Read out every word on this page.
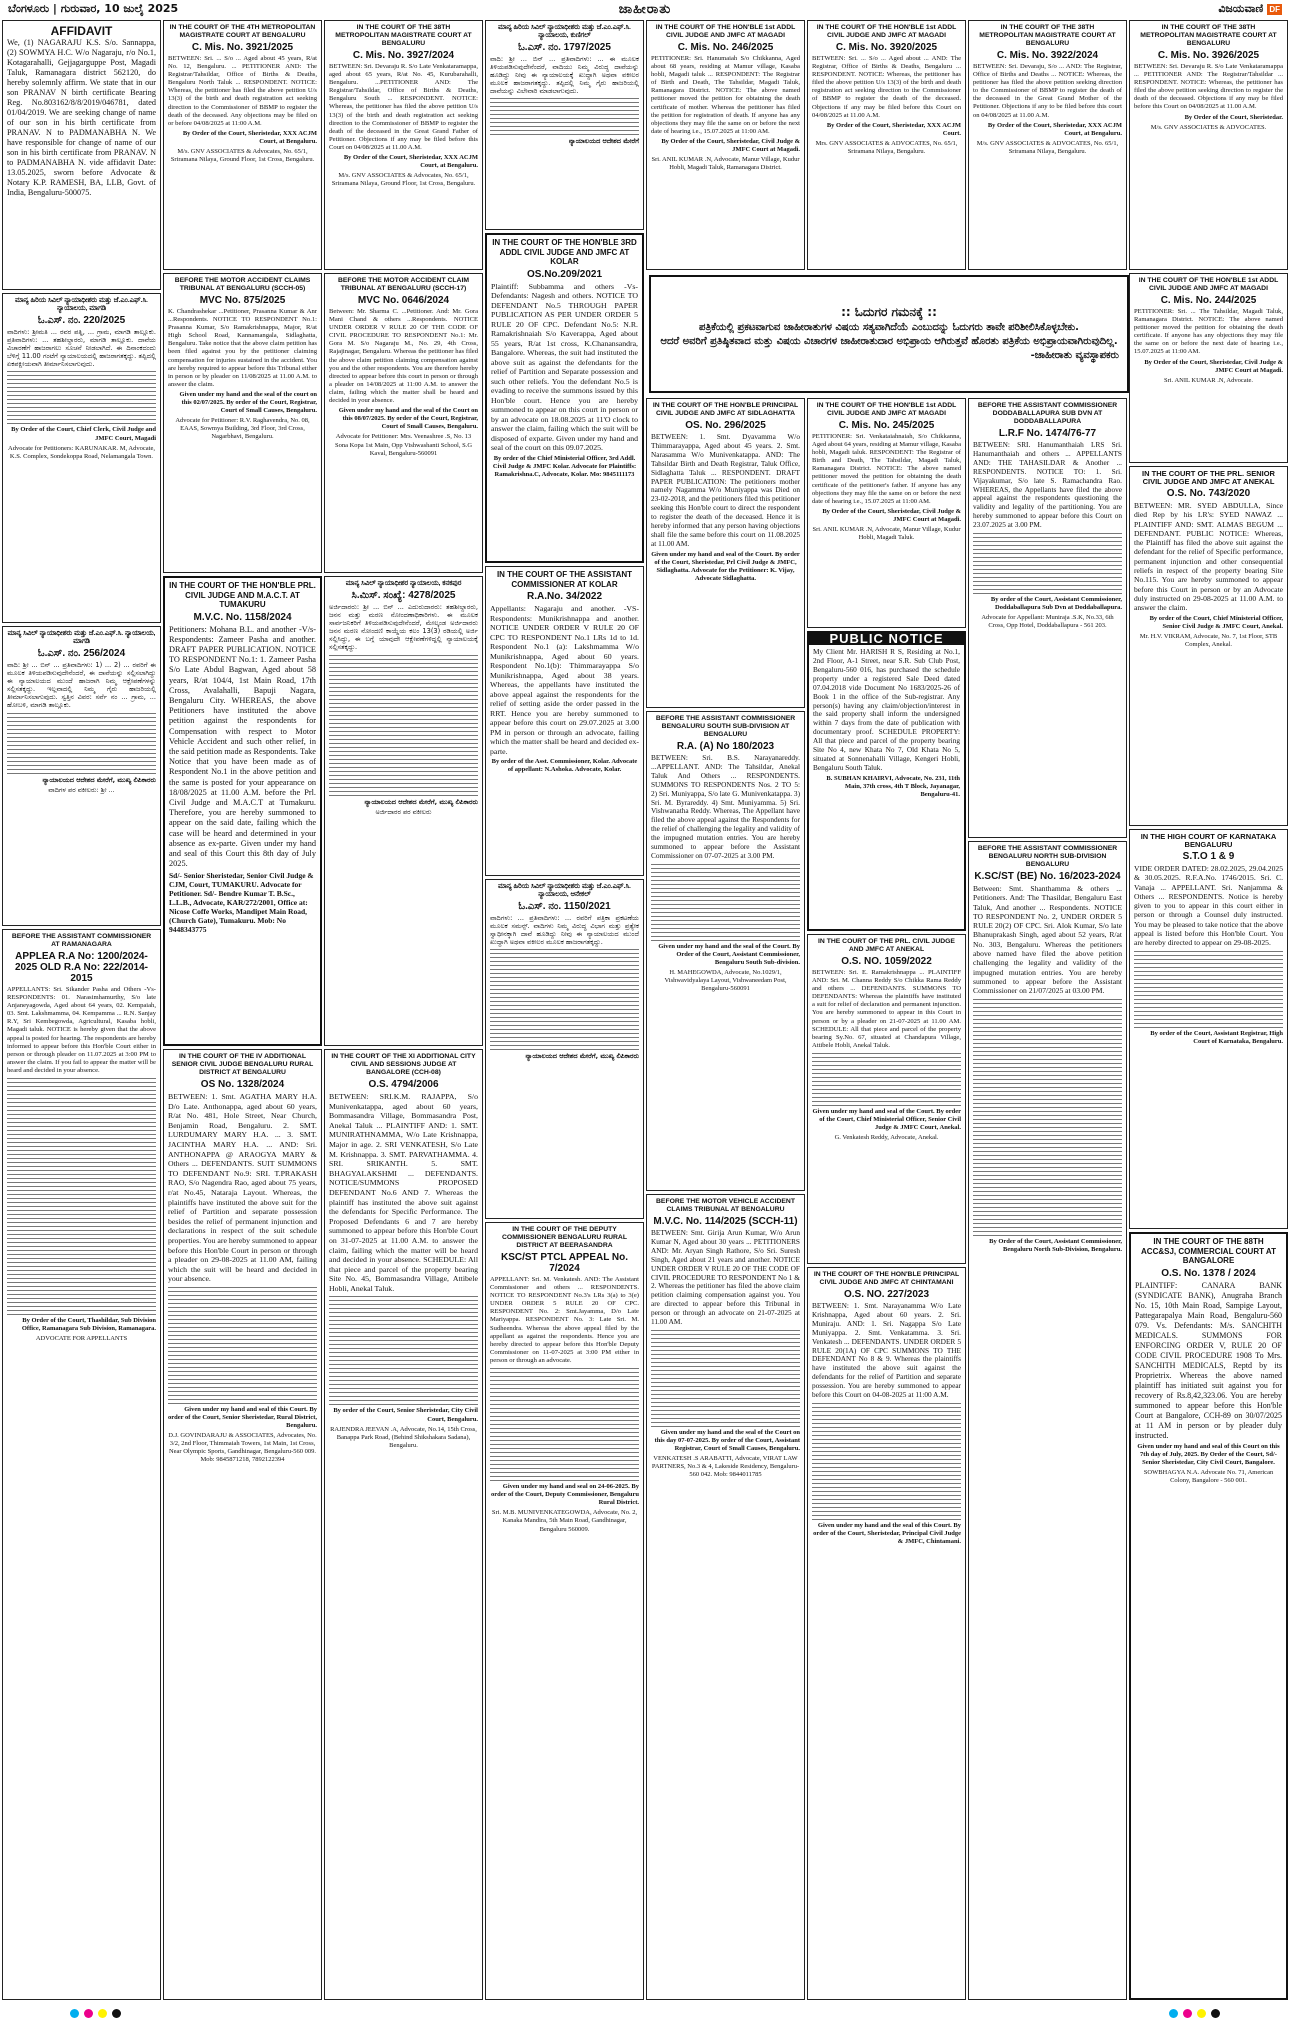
ಬೆಂಗಳೂರು | ಗುರುವಾರ, 10 ಜುಲೈ 2025	ಜಾಹೀರಾತು	ವಿಜಯವಾಣಿ DF
AFFIDAVIT
We, (1) NAGARAJU K.S. S/o. Sannappa, (2) SOWMYA H.C. W/o Nagaraju, r/o No.1, Kotagarahalli, Gejjagarguppe Post, Magadi Taluk, Ramanagara district 562120, do hereby solemnly affirm. We state that in our son PRANAV N birth certificate Bearing Reg. No.803162/8/8/2019/046781, dated 01/04/2019. We are seeking change of name of our son in his birth certificate from PRANAV. N to PADMANABHA N. We have responsible for change of name of our son in his birth certificate from PRANAV. N to PADMANABHA N. vide affidavit Date: 13.05.2025, sworn before Advocate & Notary K.P. RAMESH, BA, LLB, Govt. of India, Bengaluru-500075.
ಮಾನ್ಯ ಹಿರಿಯ ಸಿವಿಲ್ ನ್ಯಾಯಾಧೀಶರು ಮತ್ತು ಜೆ.ಎಂ.ಎಫ್.ಸಿ. ನ್ಯಾಯಾಲಯ, ಮಾಗಡಿ
ಓ.ಎಸ್. ನಂ. 220/2025
ವಾದಿಗಳು: ಶ್ರೀಮತಿ ... ರವರ ಪತ್ನಿ, ... ಗ್ರಾಮ, ಮಾಗಡಿ ತಾಲ್ಲೂಕು. ಪ್ರತಿವಾದಿಗಳು: ... ತಹಶೀಲ್ದಾರರು, ಮಾಗಡಿ ತಾಲ್ಲೂಕು. ದಾವೆಯ ವಿಚಾರಣೆಗೆ ಹಾಜರಾಗಲು ಸೂಚನೆ ನೀಡಲಾಗಿದೆ. ಈ ದಿನಾಂಕದಂದು ಬೆಳಿಗ್ಗೆ 11.00 ಗಂಟೆಗೆ ನ್ಯಾಯಾಲಯದಲ್ಲಿ ಹಾಜರಾಗತಕ್ಕದ್ದು. ತಪ್ಪಿದಲ್ಲಿ ಏಕಪಕ್ಷೀಯವಾಗಿ ತೀರ್ಮಾನಿಸಲಾಗುವುದು.
By Order of the Court, Chief Clerk, Civil Judge and JMFC Court, Magadi
Advocate for Petitioners: KARUNAKAR. M, Advocate, K.S. Complex, Sondekoppa Road, Nelamangala Town.
ಮಾನ್ಯ ಸಿವಿಲ್ ನ್ಯಾಯಾಧೀಶರು ಮತ್ತು ಜೆ.ಎಂ.ಎಫ್.ಸಿ. ನ್ಯಾಯಾಲಯ, ಮಾಗಡಿ
ಓ.ಎಸ್. ನಂ. 256/2024
ವಾದಿ: ಶ್ರೀ ... ಬಿನ್ ... ಪ್ರತಿವಾದಿಗಳು: 1) ... 2) ... ರವರಿಗೆ ಈ ಮೂಲಕ ತಿಳಿಯಪಡಿಸುವುದೇನೆಂದರೆ, ಈ ದಾವೆಯನ್ನು ಸಲ್ಲಿಸಲಾಗಿದ್ದು ಈ ನ್ಯಾಯಾಲಯದ ಮುಂದೆ ಹಾಜರಾಗಿ ನಿಮ್ಮ ಆಕ್ಷೇಪಣೆಗಳನ್ನು ಸಲ್ಲಿಸತಕ್ಕದ್ದು. ಇಲ್ಲವಾದಲ್ಲಿ ನಿಮ್ಮ ಗೈರು ಹಾಜರಿಯಲ್ಲಿ ತೀರ್ಮಾನಿಸಲಾಗುವುದು. ಸ್ವತ್ತಿನ ವಿವರ: ಸರ್ವೆ ನಂ ... ಗ್ರಾಮ, ... ಹೋಬಳಿ, ಮಾಗಡಿ ತಾಲ್ಲೂಕು.
ನ್ಯಾಯಾಲಯದ ಆದೇಶದ ಮೇರೆಗೆ, ಮುಖ್ಯ ಲಿಪಿಕಾರರು
ವಾದಿಗಳ ಪರ ವಕೀಲರು: ಶ್ರೀ ...
BEFORE THE ASSISTANT COMMISSIONER AT RAMANAGARA
APPLEA R.A No: 1200/2024-2025 OLD R.A No: 222/2014-2015
APPELLANTS: Sri. Sikander Pasha and Others -Vs- RESPONDENTS: 01. Narasimhamurthy, S/o late Anjaneyagowda, Aged about 64 years, 02. Kempaiah, 03. Smt. Lakshmamma, 04. Kempamma ... R.N. Sanjay R.Y, Sri Kembegowda, Agricultural, Kasaba hobli, Magadi taluk. NOTICE is hereby given that the above appeal is posted for hearing. The respondents are hereby informed to appear before this Hon'ble Court either in person or through pleader on 11.07.2025 at 3:00 PM to answer the claim. If you fail to appear the matter will be heard and decided in your absence.
By Order of the Court, Thashildar, Sub Division Office, Ramanagara Sub Division, Ramanagara.
ADVOCATE FOR APPELLANTS
IN THE COURT OF THE 4TH METROPOLITAN MAGISTRATE COURT AT BENGALURU
C. Mis. No. 3921/2025
BETWEEN: Sri. ... S/o ... Aged about 45 years, R/at No. 12, Bengaluru. ... PETITIONER AND: The Registrar/Tahsildar, Office of Births & Deaths, Bengaluru North Taluk ... RESPONDENT. NOTICE: Whereas, the petitioner has filed the above petition U/s 13(3) of the birth and death registration act seeking direction to the Commissioner of BBMP to register the death of the deceased. Any objections may be filed on or before 04/08/2025 at 11:00 A.M.
By Order of the Court, Sheristedar, XXX ACJM Court, at Bengaluru.
M/s. GNV ASSOCIATES & Advocates, No. 65/1, Sriramana Nilaya, Ground Floor, 1st Cross, Bengaluru.
BEFORE THE MOTOR ACCIDENT CLAIMS TRIBUNAL AT BENGALURU (SCCH-05)
MVC No. 875/2025
K. Chandrashekar ...Petitioner, Prasanna Kumar & Anr ...Respondents. NOTICE TO RESPONDENT No.1: Prasanna Kumar, S/o Ramakrishnappa, Major, R/at High School Road, Kannamangala, Sidlaghatta, Bengaluru. Take notice that the above claim petition has been filed against you by the petitioner claiming compensation for injuries sustained in the accident. You are hereby required to appear before this Tribunal either in person or by pleader on 11/08/2025 at 11.00 A.M. to answer the claim.
Given under my hand and the seal of the court on this 02/07/2025. By order of the Court, Registrar, Court of Small Causes, Bengaluru.
Advocate for Petitioner: R.V. Raghavendra, No. 08, EAAS, Sowmya Building, 3rd Floor, 3rd Cross, Nagarbhavi, Bengaluru.
IN THE COURT OF THE HON'BLE PRL. CIVIL JUDGE AND M.A.C.T. AT TUMAKURU
M.V.C. No. 1158/2024
Petitioners: Mohana B.L. and another -V/s- Respondents: Zameer Pasha and another. DRAFT PAPER PUBLICATION. NOTICE TO RESPONDENT No.1: 1. Zameer Pasha S/o Late Abdul Bagwan, Aged about 58 years, R/at 104/4, 1st Main Road, 17th Cross, Avalahalli, Bapuji Nagara, Bengaluru City. WHEREAS, the above Petitioners have instituted the above petition against the respondents for Compensation with respect to Motor Vehicle Accident and such other relief, in the said petition made as Respondents. Take Notice that you have been made as of Respondent No.1 in the above petition and the same is posted for your appearance on 18/08/2025 at 11.00 A.M. before the Prl. Civil Judge and M.A.C.T at Tumakuru. Therefore, you are hereby summoned to appear on the said date, failing which the case will be heard and determined in your absence as ex-parte. Given under my hand and seal of this Court this 8th day of July 2025.
Sd/- Senior Sheristedar, Senior Civil Judge & CJM, Court, TUMAKURU. Advocate for Petitioner. Sd/- Bendre Kumar T. B.Sc., L.L.B., Advocate, KAR/272/2001, Office at: Nicose Coffe Works, Mandipet Main Road, (Church Gate), Tumakuru. Mob: No 9448343775
IN THE COURT OF THE IV ADDITIONAL SENIOR CIVIL JUDGE BENGALURU RURAL DISTRICT AT BENGALURU
OS No. 1328/2024
BETWEEN: 1. Smt. AGATHA MARY H.A. D/o Late. Anthonappa, aged about 60 years, R/at No. 481, Hole Street, Near Church, Benjamin Road, Bengaluru. 2. SMT. LURDUMARY MARY H.A. ... 3. SMT. JACINTHA MARY H.A. ... AND: Sri. ANTHONAPPA @ ARAOGYA MARY & Others ... DEFENDANTS. SUIT SUMMONS TO DEFENDANT No.9: SRI. T.PRAKASH RAO, S/o Nagendra Rao, aged about 75 years, r/at No.45, Nataraja Layout. Whereas, the plaintiffs have instituted the above suit for the relief of Partition and separate possession besides the relief of permanent injunction and declarations in respect of the suit schedule properties. You are hereby summoned to appear before this Hon'ble Court in person or through a pleader on 29-08-2025 at 11.00 AM, failing which the suit will be heard and decided in your absence.
Given under my hand and seal of this Court. By order of the Court, Senior Sheristedar, Rural District, Bengaluru.
D.J. GOVINDARAJU & ASSOCIATES, Advocates, No. 3/2, 2nd Floor, Thimmaiah Towers, 1st Main, 1st Cross, Near Olympic Sports, Gandhinagar, Bengaluru-560 009. Mob: 9845871218, 7892122394
IN THE COURT OF THE 38TH METROPOLITAN MAGISTRATE COURT AT BENGALURU
C. Mis. No. 3927/2024
BETWEEN: Sri. Devaraju R. S/o Late Venkataramappa, aged about 65 years, R/at No. 45, Kurubarahalli, Bengaluru. ...PETITIONER AND: The Registrar/Tahsildar, Office of Births & Deaths, Bengaluru South ... RESPONDENT. NOTICE: Whereas, the petitioner has filed the above petition U/s 13(3) of the birth and death registration act seeking direction to the Commissioner of BBMP to register the death of the deceased in the Great Grand Father of Petitioner. Objections if any may be filed before this Court on 04/08/2025 at 11.00 A.M.
By Order of the Court, Sheristedar, XXX ACJM Court, at Bengaluru.
M/s. GNV ASSOCIATES & Advocates, No. 65/1, Sriramana Nilaya, Ground Floor, 1st Cross, Bengaluru.
BEFORE THE MOTOR ACCIDENT CLAIM TRIBUNAL AT BENGALURU (SCCH-17)
MVC No. 0646/2024
Between: Mr. Sharma C. ...Petitioner. And: Mr. Gora Mani Chand & others ...Respondents. NOTICE UNDER ORDER V RULE 20 OF THE CODE OF CIVIL PROCEDURE TO RESPONDENT No.1: Mr. Gora M. S/o Nagaraju M., No. 29, 4th Cross, Rajajinagar, Bengaluru. Whereas the petitioner has filed the above claim petition claiming compensation against you and the other respondents. You are therefore hereby directed to appear before this court in person or through a pleader on 14/08/2025 at 11:00 A.M. to answer the claim, failing which the matter shall be heard and decided in your absence.
Given under my hand and the seal of the Court on this 08/07/2025. By order of the Court, Registrar, Court of Small Causes, Bengaluru.
Advocate for Petitioner: Mrs. Veenashree .S, No. 13 Sona Kopa 1st Main, Opp Vishwashanti School, S.G Kaval, Bengaluru-560091
ಮಾನ್ಯ ಸಿವಿಲ್ ನ್ಯಾಯಾಧೀಶರ ನ್ಯಾಯಾಲಯ, ಕನಕಪುರ
ಸಿ.ಮಿಸ್. ಸಂಖ್ಯೆ: 4278/2025
ಅರ್ಜಿದಾರರು: ಶ್ರೀ ... ಬಿನ್ ... ಎದುರುದಾರರು: ತಹಶೀಲ್ದಾರರು, ಜನನ ಮತ್ತು ಮರಣ ನೋಂದಣಾಧಿಕಾರಿಗಳು. ಈ ಮೂಲಕ ಸಾರ್ವಜನಿಕರಿಗೆ ತಿಳಿಯಪಡಿಸುವುದೇನೆಂದರೆ, ಮೇಲ್ಕಂಡ ಅರ್ಜಿದಾರರು ಜನನ ಮರಣ ನೋಂದಣಿ ಕಾಯ್ದೆಯ ಕಲಂ 13(3) ರಡಿಯಲ್ಲಿ ಅರ್ಜಿ ಸಲ್ಲಿಸಿದ್ದು, ಈ ಬಗ್ಗೆ ಯಾವುದೇ ಆಕ್ಷೇಪಣೆಗಳಿದ್ದಲ್ಲಿ ನ್ಯಾಯಾಲಯಕ್ಕೆ ಸಲ್ಲಿಸತಕ್ಕದ್ದು.
ನ್ಯಾಯಾಲಯದ ಆದೇಶದ ಮೇರೆಗೆ, ಮುಖ್ಯ ಲಿಪಿಕಾರರು
ಅರ್ಜಿದಾರರ ಪರ ವಕೀಲರು
IN THE COURT OF THE XI ADDITIONAL CITY CIVIL AND SESSIONS JUDGE AT BANGALORE (CCH-08)
O.S. 4794/2006
BETWEEN: SRI.K.M. RAJAPPA, S/o Munivenkatappa, aged about 60 years, Bommasandra Village, Bommasandra Post, Anekal Taluk ... PLAINTIFF AND: 1. SMT. MUNIRATHNAMMA, W/o Late Krishnappa, Major in age. 2. SRI VENKATESH, S/o Late M. Krishnappa. 3. SMT. PARVATHAMMA. 4. SRI. SRIKANTH. 5. SMT. BHAGYALAKSHMI ... DEFENDANTS. NOTICE/SUMMONS PROPOSED DEFENDANT No.6 AND 7. Whereas the plaintiff has instituted the above suit against the defendants for Specific Performance. The Proposed Defendants 6 and 7 are hereby summoned to appear before this Hon'ble Court on 31-07-2025 at 11.00 A.M. to answer the claim, failing which the matter will be heard and decided in your absence. SCHEDULE: All that piece and parcel of the property bearing Site No. 45, Bommasandra Village, Attibele Hobli, Anekal Taluk.
By order of the Court, Senior Sheristedar, City Civil Court, Bengaluru.
RAJENDRA JEEVAN .A, Advocate, No.14, 15th Cross, Banappa Park Road, (Behind Shikshakara Sadana), Bengaluru.
ಮಾನ್ಯ ಹಿರಿಯ ಸಿವಿಲ್ ನ್ಯಾಯಾಧೀಶರು ಮತ್ತು ಜೆ.ಎಂ.ಎಫ್.ಸಿ. ನ್ಯಾಯಾಲಯ, ಕುಣಿಗಲ್
ಓ.ಎಸ್. ನಂ. 1797/2025
ವಾದಿ: ಶ್ರೀ ... ಬಿನ್ ... ಪ್ರತಿವಾದಿಗಳು: ... ಈ ಮೂಲಕ ತಿಳಿಯಪಡಿಸುವುದೇನೆಂದರೆ, ವಾದಿಯು ನಿಮ್ಮ ವಿರುದ್ಧ ದಾವೆಯನ್ನು ಹೂಡಿದ್ದು ನೀವು ಈ ನ್ಯಾಯಾಲಯಕ್ಕೆ ಖುದ್ದಾಗಿ ಅಥವಾ ವಕೀಲರ ಮೂಲಕ ಹಾಜರಾಗತಕ್ಕದ್ದು. ತಪ್ಪಿದಲ್ಲಿ ನಿಮ್ಮ ಗೈರು ಹಾಜರಿಯಲ್ಲಿ ದಾವೆಯನ್ನು ವಿಲೇವಾರಿ ಮಾಡಲಾಗುವುದು.
ನ್ಯಾಯಾಲಯದ ಆದೇಶದ ಮೇರೆಗೆ
IN THE COURT OF THE HON'BLE 3RD ADDL CIVIL JUDGE AND JMFC AT KOLAR
OS.No.209/2021
Plaintiff: Subbamma and others -Vs- Defendants: Nagesh and others. NOTICE TO DEFENDANT No.5 THROUGH PAPER PUBLICATION AS PER UNDER ORDER 5 RULE 20 OF CPC. Defendant No.5: N.R. Ramakrishnaiah S/o Kaverappa, Aged about 55 years, R/at 1st cross, K.Chanansandra, Bangalore. Whereas, the suit had instituted the above suit as against the defendants for the relief of Partition and Separate possession and such other reliefs. You the defendant No.5 is evading to receive the summons issued by this Hon'ble court. Hence you are hereby summoned to appear on this court in person or by an advocate on 18.08.2025 at 11'O clock to answer the claim, failing which the suit will be disposed of exparte. Given under my hand and seal of the court on this 09.07.2025.
By order of the Chief Ministerial Officer, 3rd Addl. Civil Judge & JMFC Kolar. Advocate for Plaintiffs: Ramakrishna.C, Advocate, Kolar. Mo: 9845111173
IN THE COURT OF THE ASSISTANT COMMISSIONER AT KOLAR
R.A.No. 34/2022
Appellants: Nagaraju and another. -VS- Respondents: Munikrishnappa and another. NOTICE UNDER ORDER V RULE 20 OF CPC TO RESPONDENT No.1 LRs 1d to 1d. Respondent No.1 (a): Lakshmamma W/o Munikrishnappa, Aged about 60 years. Respondent No.1(b): Thimmarayappa S/o Munikrishnappa, Aged about 38 years. Whereas, the appellants have instituted the above appeal against the respondents for the relief of setting aside the order passed in the RRT. Hence you are hereby summoned to appear before this court on 29.07.2025 at 3.00 PM in person or through an advocate, failing which the matter shall be heard and decided ex-parte.
By order of the Asst. Commissioner, Kolar. Advocate of appellant: N.Ashoka. Advocate, Kolar.
ಮಾನ್ಯ ಹಿರಿಯ ಸಿವಿಲ್ ನ್ಯಾಯಾಧೀಶರು ಮತ್ತು ಜೆ.ಎಂ.ಎಫ್.ಸಿ. ನ್ಯಾಯಾಲಯ, ಆನೇಕಲ್
ಓ.ಎಸ್. ನಂ. 1150/2021
ವಾದಿಗಳು: ... ಪ್ರತಿವಾದಿಗಳು: ... ರವರಿಗೆ ಪತ್ರಿಕಾ ಪ್ರಕಟಣೆಯ ಮೂಲಕ ಸಮನ್ಸ್. ವಾದಿಗಳು ನಿಮ್ಮ ವಿರುದ್ಧ ವಿಭಾಗ ಮತ್ತು ಪ್ರತ್ಯೇಕ ಸ್ವಾಧೀನಕ್ಕಾಗಿ ದಾವೆ ಹೂಡಿದ್ದು ನೀವು ಈ ನ್ಯಾಯಾಲಯದ ಮುಂದೆ ಖುದ್ದಾಗಿ ಅಥವಾ ವಕೀಲರ ಮೂಲಕ ಹಾಜರಾಗತಕ್ಕದ್ದು.
ನ್ಯಾಯಾಲಯದ ಆದೇಶದ ಮೇರೆಗೆ, ಮುಖ್ಯ ಲಿಪಿಕಾರರು
IN THE COURT OF THE DEPUTY COMMISSIONER BENGALURU RURAL DISTRICT AT BEERASANDRA
KSC/ST PTCL APPEAL No. 7/2024
APPELLANT: Sri. M. Venkatesh. AND: The Assistant Commissioner and others ... RESPONDENTS. NOTICE TO RESPONDENT No.3's LRs 3(a) to 3(e) UNDER ORDER 5 RULE 20 OF CPC. RESPONDENT No. 2: Smt.Jayamma, D/o Late Mariyappa. RESPONDENT No. 3: Late Sri. M. Sudheendra. Whereas the above appeal filed by the appellant as against the respondents. Hence you are hereby directed to appear before this Hon'ble Deputy Commissioner on 11-07-2025 at 3:00 PM either in person or through an advocate.
Given under my hand and seal on 24-06-2025. By order of the Court, Deputy Commissioner, Bengaluru Rural District.
Sri. M.B. MUNIVENKATEGOWDA, Advocate, No. 2, Kanaka Mandira, 5th Main Road, Gandhinagar, Bengaluru 560009.
IN THE COURT OF THE HON'BLE 1st ADDL CIVIL JUDGE AND JMFC AT MAGADI
C. Mis. No. 246/2025
PETITIONER: Sri. Hanumaiah S/o Chikkanna, Aged about 68 years, residing at Mamur village, Kasaba hobli, Magadi taluk ... RESPONDENT: The Registrar of Birth and Death, The Tahsildar, Magadi Taluk, Ramanagara District. NOTICE: The above named petitioner moved the petition for obtaining the death certificate of mother. Whereas the petitioner has filed the petition for registration of death. If anyone has any objections they may file the same on or before the next date of hearing i.e., 15.07.2025 at 11:00 AM.
By Order of the Court, Sheristedar, Civil Judge & JMFC Court at Magadi.
Sri. ANIL KUMAR .N, Advocate, Manur Village, Kudur Hobli, Magadi Taluk, Ramanagara District.
IN THE COURT OF THE HON'BLE PRINCIPAL CIVIL JUDGE AND JMFC AT SIDLAGHATTA
OS. No. 296/2025
BETWEEN: 1. Smt. Dyavamma W/o Thimmarayappa, Aged about 45 years. 2. Smt. Narasamma W/o Munivenkatappa. AND: The Tahsildar Birth and Death Registrar, Taluk Office, Sidlaghatta Taluk ... RESPONDENT. DRAFT PAPER PUBLICATION: The petitioners mother namely Nagamma W/o Muniyappa was Died on 23-02-2018, and the petitioners filed this petitioner seeking this Hon'ble court to direct the respondent to register the death of the deceased. Hence it is hereby informed that any person having objections shall file the same before this court on 11.08.2025 at 11.00 AM.
Given under my hand and seal of the Court. By order of the Court, Sheristedar, Prl Civil Judge & JMFC, Sidlaghatta. Advocate for the Petitioner: K. Vijay, Advocate Sidlaghatta.
BEFORE THE ASSISTANT COMMISSIONER BENGALURU SOUTH SUB-DIVISION AT BENGALURU
R.A. (A) No 180/2023
BETWEEN: Sri. B.S. Narayanareddy. ...APPELLANT. AND: The Tahsildar, Anekal Taluk And Others ... RESPONDENTS. SUMMONS TO RESPONDENTS Nos. 2 TO 5: 2) Sri. Muniyappa, S/o late G. Munivenkatappa. 3) Sri. M. Byrareddy. 4) Smt. Muniyamma. 5) Sri. Vishwanatha Reddy. Whereas, The Appellant have filed the above appeal against the Respondents for the relief of challenging the legality and validity of the impugned mutation entries. You are hereby summoned to appear before the Assistant Commissioner on 07-07-2025 at 3.00 PM.
Given under my hand and the seal of the Court. By Order of the Court, Assistant Commissioner, Bengaluru South Sub-division.
H. MAHEGOWDA, Advocate, No.1029/1, Vishwavidyalaya Layout, Vishwaneedam Post, Bengaluru-560091
BEFORE THE MOTOR VEHICLE ACCIDENT CLAIMS TRIBUNAL AT BENGALURU
M.V.C. No. 114/2025 (SCCH-11)
BETWEEN: Smt. Girija Arun Kumar, W/o Arun Kumar N, Aged about 30 years ... PETITIONERS AND: Mr. Aryan Singh Rathore, S/o Sri. Suresh Singh, Aged about 21 years and another. NOTICE UNDER ORDER V RULE 20 OF THE CODE OF CIVIL PROCEDURE TO RESPONDENT No 1 & 2. Whereas the petitioner has filed the above claim petition claiming compensation against you. You are directed to appear before this Tribunal in person or through an advocate on 21-07-2025 at 11.00 AM.
Given under my hand and the seal of the Court on this day 07-07-2025. By order of the Court, Assistant Registrar, Court of Small Causes, Bengaluru.
VENKATESH .S ARABATTI, Advocate, VIRAT LAW PARTNERS, No.3 & 4, Lakeside Residency, Bengaluru-560 042. Mob: 9844011785
IN THE COURT OF THE HON'BLE 1st ADDL CIVIL JUDGE AND JMFC AT MAGADI
C. Mis. No. 3920/2025
BETWEEN: Sri. ... S/o ... Aged about ... AND: The Registrar, Office of Births & Deaths, Bengaluru ... RESPONDENT. NOTICE: Whereas, the petitioner has filed the above petition U/s 13(3) of the birth and death registration act seeking direction to the Commissioner of BBMP to register the death of the deceased. Objections if any may be filed before this Court on 04/08/2025 at 11.00 A.M.
By Order of the Court, Sheristedar, XXX ACJM Court.
Mrs. GNV ASSOCIATES & ADVOCATES, No. 65/1, Sriramana Nilaya, Bengaluru.
IN THE COURT OF THE HON'BLE 1st ADDL CIVIL JUDGE AND JMFC AT MAGADI
C. Mis. No. 245/2025
PETITIONER: Sri. Venkataiahnaiah, S/o Chikkanna, Aged about 64 years, residing at Mamur village, Kasaba hobli, Magadi taluk. RESPONDENT: The Registrar of Birth and Death, The Tahsildar, Magadi Taluk, Ramanagara District. NOTICE: The above named petitioner moved the petition for obtaining the death certificate of the petitioner's father. If anyone has any objections they may file the same on or before the next date of hearing i.e., 15.07.2025 at 11:00 AM.
By Order of the Court, Sheristedar, Civil Judge & JMFC Court at Magadi.
Sri. ANIL KUMAR .N, Advocate, Manur Village, Kudur Hobli, Magadi Taluk.
PUBLIC NOTICE
My Client Mr. HARISH R S, Residing at No.1, 2nd Floor, A-1 Street, near S.R. Sub Club Post, Bengaluru-560 016, has purchased the schedule property under a registered Sale Deed dated 07.04.2018 vide Document No 1683/2025-26 of Book 1 in the office of the Sub-registrar. Any person(s) having any claim/objection/interest in the said property shall inform the undersigned within 7 days from the date of publication with documentary proof. SCHEDULE PROPERTY: All that piece and parcel of the property bearing Site No 4, new Khata No 7, Old Khata No 5, situated at Sonnenahalli Village, Kengeri Hobli, Bengaluru South Taluk.
B. SUBHAN KHAIRVI, Advocate, No. 231, 11th Main, 37th cross, 4th T Block, Jayanagar, Bengaluru-41.
IN THE COURT OF THE PRL. CIVIL JUDGE AND JMFC AT ANEKAL
O.S. NO. 1059/2022
BETWEEN: Sri. E. Ramakrishnappa ... PLAINTIFF AND: Sri. M. Channa Reddy S/o Chikka Rama Reddy and others ... DEFENDANTS. SUMMONS TO DEFENDANTS: Whereas the plaintiffs have instituted a suit for relief of declaration and permanent injunction. You are hereby summoned to appear in this Court in person or by a pleader on 21-07-2025 at 11.00 AM. SCHEDULE: All that piece and parcel of the property bearing Sy.No. 67, situated at Chandapura Village, Attibele Hobli, Anekal Taluk.
Given under my hand and seal of the Court. By order of the Court, Chief Ministerial Officer, Senior Civil Judge & JMFC Court, Anekal.
G. Venkatesh Reddy, Advocate, Anekal.
IN THE COURT OF THE HON'BLE PRINCIPAL CIVIL JUDGE AND JMFC AT CHINTAMANI
O.S. NO. 227/2023
BETWEEN: 1. Smt. Narayanamma W/o Late Krishnappa, Aged about 60 years. 2. Sri. Muniraju. AND: 1. Sri. Nagappa S/o Late Muniyappa. 2. Smt. Venkatamma. 3. Sri. Venkatesh ... DEFENDANTS. UNDER ORDER 5 RULE 20(1A) OF CPC SUMMONS TO THE DEFENDANT No 8 & 9. Whereas the plaintiffs have instituted the above suit against the defendants for the relief of Partition and separate possession. You are hereby summoned to appear before this Court on 04-08-2025 at 11:00 A.M.
Given under my hand and the seal of this Court. By order of the Court, Sheristedar, Principal Civil Judge & JMFC, Chintamani.
IN THE COURT OF THE 38TH METROPOLITAN MAGISTRATE COURT AT BENGALURU
C. Mis. No. 3922/2024
BETWEEN: Sri. Devaraju, S/o ... AND: The Registrar, Office of Births and Deaths ... NOTICE: Whereas, the petitioner has filed the above petition seeking direction to the Commissioner of BBMP to register the death of the deceased in the Great Grand Mother of the Petitioner. Objections if any to be filed before this court on 04/08/2025 at 11.00 A.M.
By Order of the Court, Sheristedar, XXX ACJM Court, at Bengaluru.
M/s. GNV ASSOCIATES & ADVOCATES, No. 65/1, Sriramana Nilaya, Bengaluru.
BEFORE THE ASSISTANT COMMISSIONER DODDABALLAPURA SUB DVN AT DODDABALLAPURA
L.R.F No. 1474/76-77
BETWEEN: SRI. Hanumanthaiah LRS Sri. Hanumanthaiah and others ... APPELLANTS AND: THE TAHASILDAR & Another ... RESPONDENTS. NOTICE TO: 1. Sri. Vijayakumar, S/o late S. Ramachandra Rao. WHEREAS, the Appellants have filed the above appeal against the respondents questioning the validity and legality of the partitioning. You are hereby summoned to appear before this Court on 23.07.2025 at 3.00 PM.
By order of the Court, Assistant Commissioner, Doddaballapura Sub Dvn at Doddaballapura.
Advocate for Appellant: Muniraja .S.K, No.33, 6th Cross, Opp Hotel, Doddaballapura - 561 203.
BEFORE THE ASSISTANT COMMISSIONER BENGALURU NORTH SUB-DIVISION BENGALURU
K.SC/ST (BE) No. 16/2023-2024
Between: Smt. Shanthamma & others ... Petitioners. And: The Thasildar, Bengaluru East Taluk, And another ... Respondents. NOTICE TO RESPONDENT No. 2, UNDER ORDER 5 RULE 20(2) OF CPC. Sri. Alok Kumar, S/o late Bhanuprakash Singh, aged about 52 years, R/at No. 303, Bengaluru. Whereas the petitioners above named have filed the above petition challenging the legality and validity of the impugned mutation entries. You are hereby summoned to appear before the Assistant Commissioner on 21/07/2025 at 03.00 PM.
By Order of the Court, Assistant Commissioner, Bengaluru North Sub-Division, Bengaluru.
IN THE COURT OF THE 38TH METROPOLITAN MAGISTRATE COURT AT BENGALURU
C. Mis. No. 3926/2025
BETWEEN: Sri. Devaraju R. S/o Late Venkataramappa ... PETITIONER AND: The Registrar/Tahsildar ... RESPONDENT. NOTICE: Whereas, the petitioner has filed the above petition seeking direction to register the death of the deceased. Objections if any may be filed before this Court on 04/08/2025 at 11.00 A.M.
By Order of the Court, Sheristedar.
M/s. GNV ASSOCIATES & ADVOCATES.
IN THE COURT OF THE HON'BLE 1st ADDL CIVIL JUDGE AND JMFC AT MAGADI
C. Mis. No. 244/2025
PETITIONER: Sri. ... The Tahsildar, Magadi Taluk, Ramanagara District. NOTICE: The above named petitioner moved the petition for obtaining the death certificate. If anyone has any objections they may file the same on or before the next date of hearing i.e., 15.07.2025 at 11:00 AM.
By Order of the Court, Sheristedar, Civil Judge & JMFC Court at Magadi.
Sri. ANIL KUMAR .N, Advocate.
IN THE COURT OF THE PRL. SENIOR CIVIL JUDGE AND JMFC AT ANEKAL
O.S. No. 743/2020
BETWEEN: MR. SYED ABDULLA, Since died Rep by his LR's: SYED NAWAZ ... PLAINTIFF AND: SMT. ALMAS BEGUM ... DEFENDANT. PUBLIC NOTICE: Whereas, the Plaintiff has filed the above suit against the defendant for the relief of Specific performance, permanent injunction and other consequential reliefs in respect of the property bearing Site No.115. You are hereby summoned to appear before this Court in person or by an Advocate duly instructed on 29-08-2025 at 11.00 A.M. to answer the claim.
By order of the Court, Chief Ministerial Officer, Senior Civil Judge & JMFC Court, Anekal.
Mr. H.V. VIKRAM, Advocate, No. 7, 1st Floor, STB Complex, Anekal.
IN THE HIGH COURT OF KARNATAKA BENGALURU
S.T.O 1 & 9
VIDE ORDER DATED: 28.02.2025, 29.04.2025 & 30.05.2025. R.F.A.No. 1746/2015. Sri. C. Vanaja ... APPELLANT. Sri. Nanjamma & Others ... RESPONDENTS. Notice is hereby given to you to appear in this court either in person or through a Counsel duly instructed. You may be pleased to take notice that the above appeal is listed before this Hon'ble Court. You are hereby directed to appear on 29-08-2025.
By order of the Court, Assistant Registrar, High Court of Karnataka, Bengaluru.
IN THE COURT OF THE 88TH ACC&SJ, COMMERCIAL COURT AT BANGALORE
O.S. No. 1378 / 2024
PLAINTIFF: CANARA BANK (SYNDICATE BANK), Anugraha Branch No. 15, 10th Main Road, Sampige Layout, Pattegarapalya Main Road, Bengaluru-560 079. Vs. Defendants: M/s. SANCHITH MEDICALS. SUMMONS FOR ENFORCING ORDER V, RULE 20 OF CODE CIVIL PROCEDURE 1908 To Mrs. SANCHITH MEDICALS, Reptd by its Proprietrix. Whereas the above named plaintiff has initiated suit against you for recovery of Rs.8,42,323.06. You are hereby summoned to appear before this Hon'ble Court at Bangalore, CCH-89 on 30/07/2025 at 11 AM in person or by pleader duly instructed.
Given under my hand and seal of this Court on this 7th day of July, 2025. By Order of the Court, Sd/- Senior Sheristedar, City Civil Court, Bangalore.
SOWBHAGYA N.A. Advocate No. 71, American Colony, Bangalore - 560 001.
:: ಓದುಗರ ಗಮನಕ್ಕೆ ::
ಪತ್ರಿಕೆಯಲ್ಲಿ ಪ್ರಕಟವಾಗುವ ಜಾಹೀರಾತುಗಳ ವಿಷಯ ಸತ್ಯವಾಗಿದೆಯೆ ಎಂಬುದನ್ನು ಓದುಗರು ತಾವೇ ಪರಿಶೀಲಿಸಿಕೊಳ್ಳಬೇಕು.
ಆದರೆ ಅವರಿಗೆ ಪ್ರತಿಷ್ಠಿತವಾದ ಮತ್ತು ವಿಷಯ ವಿಚಾರಗಳ ಜಾಹೀರಾತುದಾರ ಅಭಿಪ್ರಾಯ ಆಗಿರುತ್ತವೆ ಹೊರತು ಪತ್ರಿಕೆಯ ಅಭಿಪ್ರಾಯವಾಗಿರುವುದಿಲ್ಲ.
-ಜಾಹೀರಾತು ವ್ಯವಸ್ಥಾಪಕರು
